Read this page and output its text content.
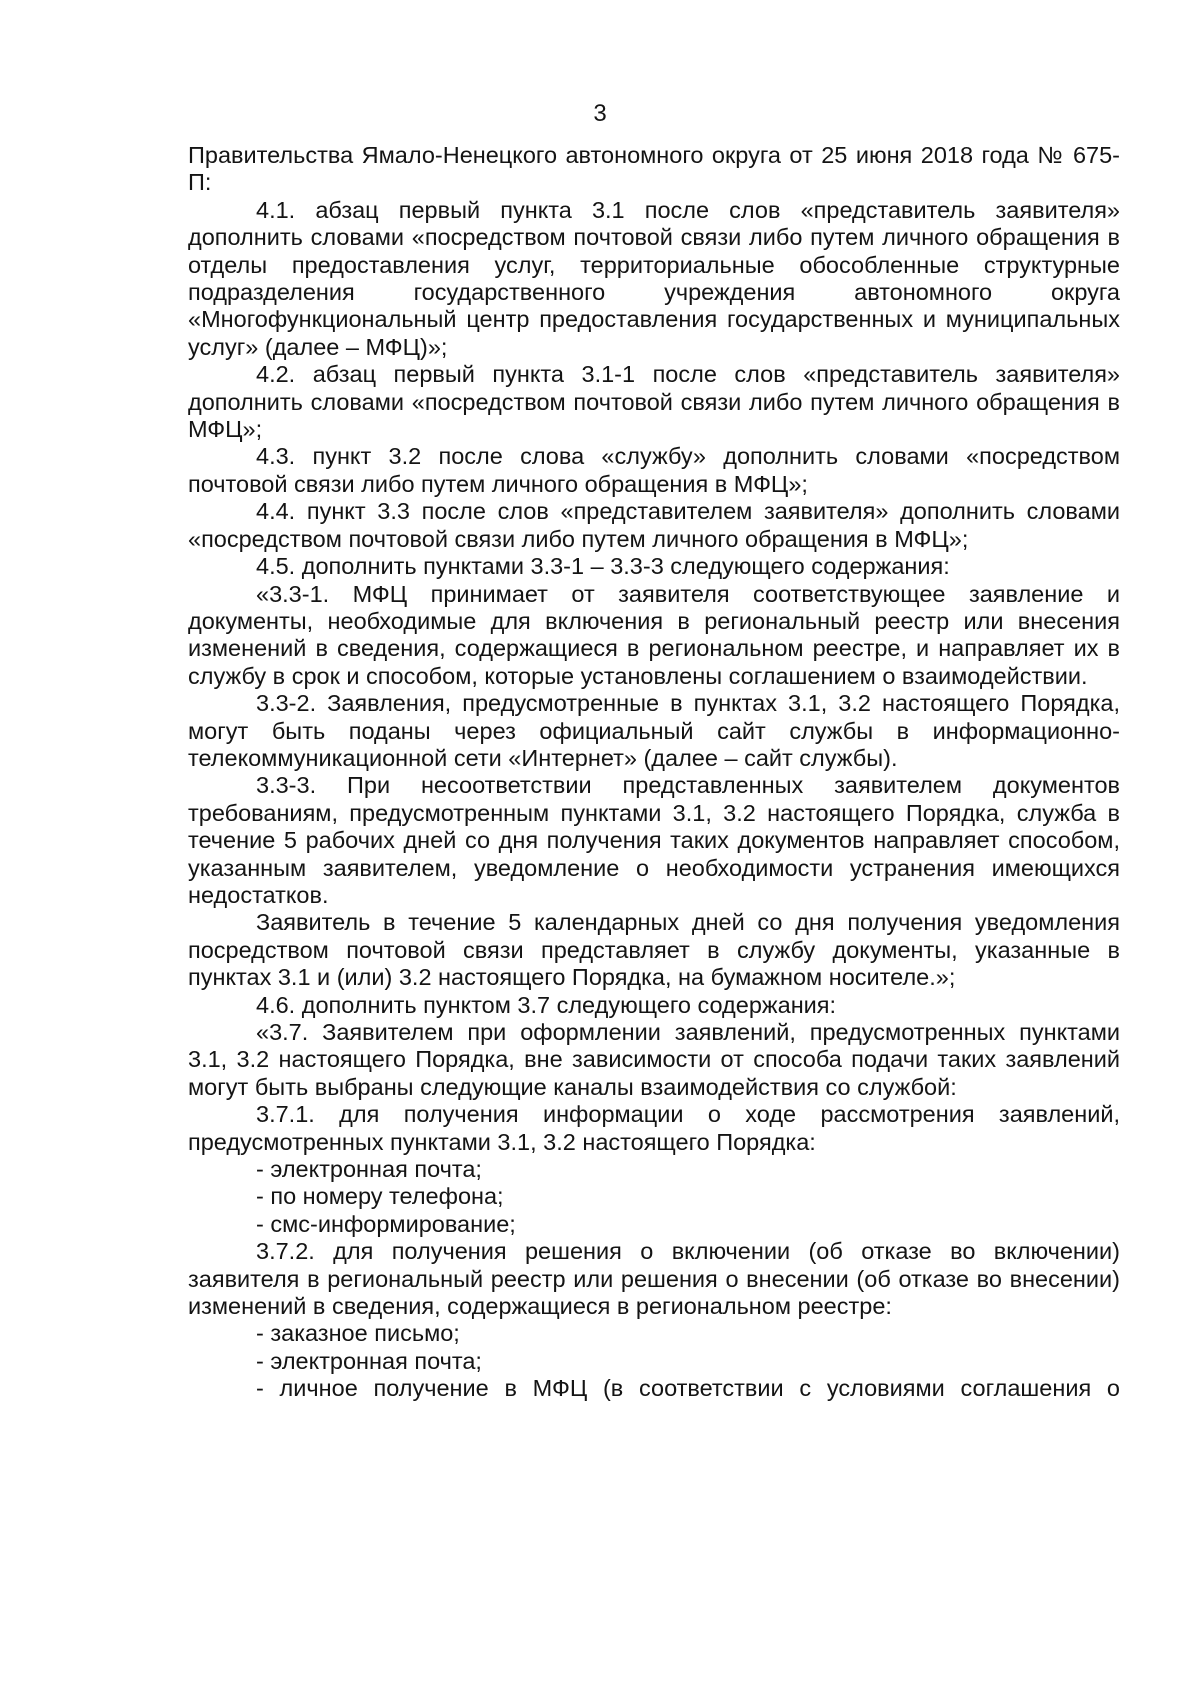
3

Правительства Ямало-Ненецкого автономного округа от 25 июня 2018 года № 675-П:

4.1. абзац первый пункта 3.1 после слов «представитель заявителя» дополнить словами «посредством почтовой связи либо путем личного обращения в отделы предоставления услуг, территориальные обособленные структурные подразделения государственного учреждения автономного округа «Многофункциональный центр предоставления государственных и муниципальных услуг» (далее – МФЦ)»;

4.2. абзац первый пункта 3.1-1 после слов «представитель заявителя» дополнить словами «посредством почтовой связи либо путем личного обращения в МФЦ»;

4.3. пункт 3.2 после слова «службу» дополнить словами «посредством почтовой связи либо путем личного обращения в МФЦ»;

4.4. пункт 3.3 после слов «представителем заявителя» дополнить словами «посредством почтовой связи либо путем личного обращения в МФЦ»;

4.5. дополнить пунктами 3.3-1 – 3.3-3 следующего содержания:

«3.3-1. МФЦ принимает от заявителя соответствующее заявление и документы, необходимые для включения в региональный реестр или внесения изменений в сведения, содержащиеся в региональном реестре, и направляет их в службу в срок и способом, которые установлены соглашением о взаимодействии.

3.3-2. Заявления, предусмотренные в пунктах 3.1, 3.2 настоящего Порядка, могут быть поданы через официальный сайт службы в информационно-телекоммуникационной сети «Интернет» (далее – сайт службы).

3.3-3. При несоответствии представленных заявителем документов требованиям, предусмотренным пунктами 3.1, 3.2 настоящего Порядка, служба в течение 5 рабочих дней со дня получения таких документов направляет способом, указанным заявителем, уведомление о необходимости устранения имеющихся недостатков.

Заявитель в течение 5 календарных дней со дня получения уведомления посредством почтовой связи представляет в службу документы, указанные в пунктах 3.1 и (или) 3.2 настоящего Порядка, на бумажном носителе.»;

4.6. дополнить пунктом 3.7 следующего содержания:

«3.7. Заявителем при оформлении заявлений, предусмотренных пунктами 3.1, 3.2 настоящего Порядка, вне зависимости от способа подачи таких заявлений могут быть выбраны следующие каналы взаимодействия со службой:

3.7.1. для получения информации о ходе рассмотрения заявлений, предусмотренных пунктами 3.1, 3.2 настоящего Порядка:

- электронная почта;

- по номеру телефона;

- смс-информирование;

3.7.2. для получения решения о включении (об отказе во включении) заявителя в региональный реестр или решения о внесении (об отказе во внесении) изменений в сведения, содержащиеся в региональном реестре:

- заказное письмо;

- электронная почта;

- личное получение в МФЦ (в соответствии с условиями соглашения о
